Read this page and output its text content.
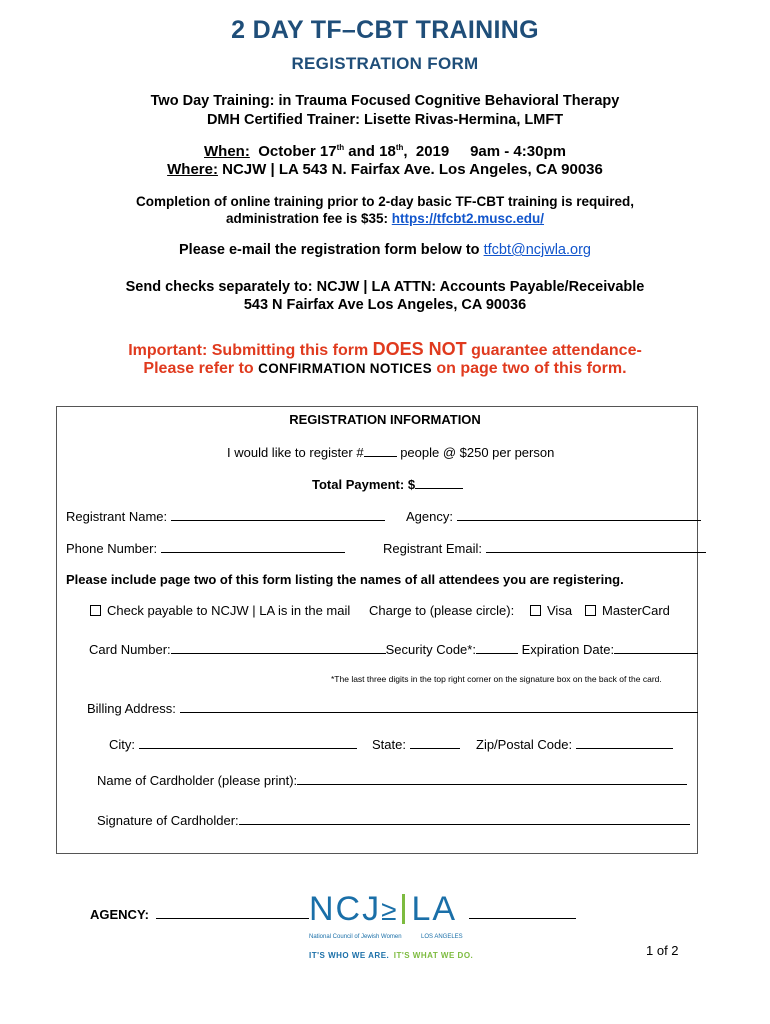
2 DAY TF–CBT TRAINING
REGISTRATION FORM
Two Day Training: in Trauma Focused Cognitive Behavioral Therapy
DMH Certified Trainer: Lisette Rivas-Hermina, LMFT
When: October 17th and 18th,  2019     9am - 4:30pm
Where: NCJW | LA 543 N. Fairfax Ave. Los Angeles, CA 90036
Completion of online training prior to 2-day basic TF-CBT training is required,
administration fee is $35: https://tfcbt2.musc.edu/
Please e-mail the registration form below to tfcbt@ncjwla.org
Send checks separately to: NCJW | LA ATTN: Accounts Payable/Receivable
543 N Fairfax Ave Los Angeles, CA 90036
Important: Submitting this form DOES NOT guarantee attendance-
Please refer to CONFIRMATION NOTICES on page two of this form.
REGISTRATION INFORMATION
I would like to register #	people @ $250 per person
Total Payment: $
Registrant Name:	Agency:
Phone Number:	Registrant Email:
Please include page two of this form listing the names of all attendees you are registering.
Check payable to NCJW | LA is in the mail Charge to (please circle):	Visa	MasterCard
Card Number:	Security Code*:	Expiration Date:
*The last three digits in the top right corner on the signature box on the back of the card.
Billing Address:
City:	State:	Zip/Postal Code:
Name of Cardholder (please print):
Signature of Cardholder:
AGENCY:	NCJ≥ LA
National Council of Jewish Women	LOS ANGELES
IT'S WHO WE ARE. IT'S WHAT WE DO.	1 of 2
